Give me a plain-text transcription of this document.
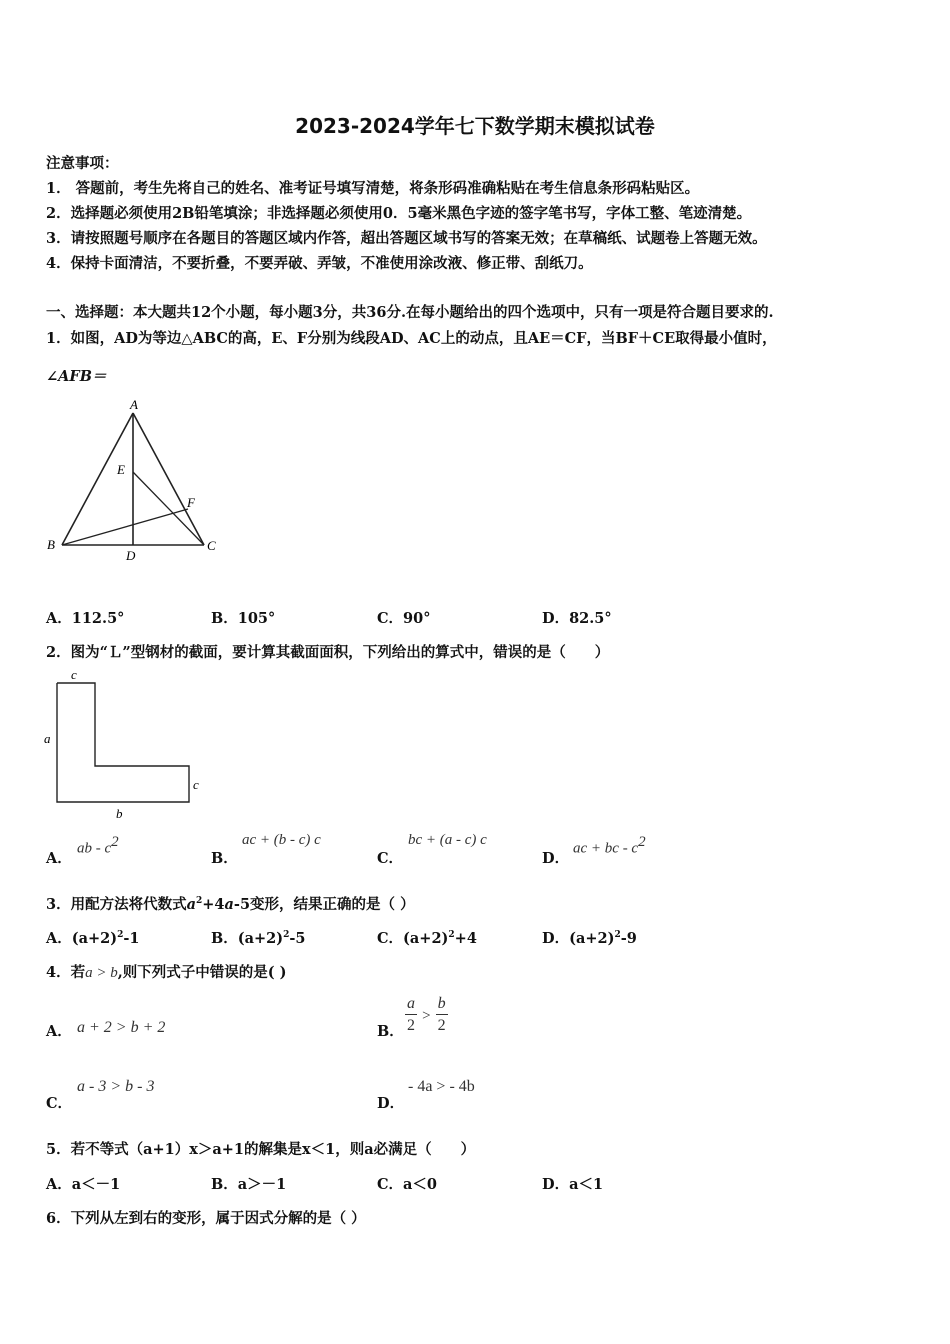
2023-2024学年七下数学期末模拟试卷
注意事项：
1． 答题前，考生先将自己的姓名、准考证号填写清楚，将条形码准确粘贴在考生信息条形码粘贴区。
2．选择题必须使用2B铅笔填涂；非选择题必须使用0．5毫米黑色字迹的签字笔书写，字体工整、笔迹清楚。
3．请按照题号顺序在各题目的答题区域内作答，超出答题区域书写的答案无效；在草稿纸、试题卷上答题无效。
4．保持卡面清洁，不要折叠，不要弄破、弄皱，不准使用涂改液、修正带、刮纸刀。
一、选择题：本大题共12个小题，每小题3分，共36分.在每小题给出的四个选项中，只有一项是符合题目要求的.
1．如图，AD为等边△ABC的高，E、F分别为线段AD、AC上的动点，且AE＝CF，当BF＋CE取得最小值时，
∠AFB＝
A
E
F
B	C
D
A．112.5°	B．105°	C．90°	D．82.5°
2．图为“Ｌ”型钢材的截面，要计算其截面面积，下列给出的算式中，错误的是（　　）
c
a
c
b
A．
ab - $c^2$
B．
ac + (b - c) c
C．
bc + (a - c) c
D．
ac + bc - $c^2$
3．用配方法将代数式$a^2+4a-5$变形，结果正确的是（ ）
A．$(a+2)^2-1$	B．$(a+2)^2-5$	C．$(a+2)^2+4$	D．$(a+2)^2-9$
4．若a > b,则下列式子中错误的是( )
A． a + 2 > b + 2	B． $\frac{a}{2} > \frac{b}{2}$
C．
a - 3 > b - 3
D．
- 4a > - 4b
5．若不等式（a+1）x＞a+1的解集是x＜1，则a必满足（　　）
A．a＜－1	B．a＞－1	C．a＜0	D．a＜1
6．下列从左到右的变形，属于因式分解的是（ ）
